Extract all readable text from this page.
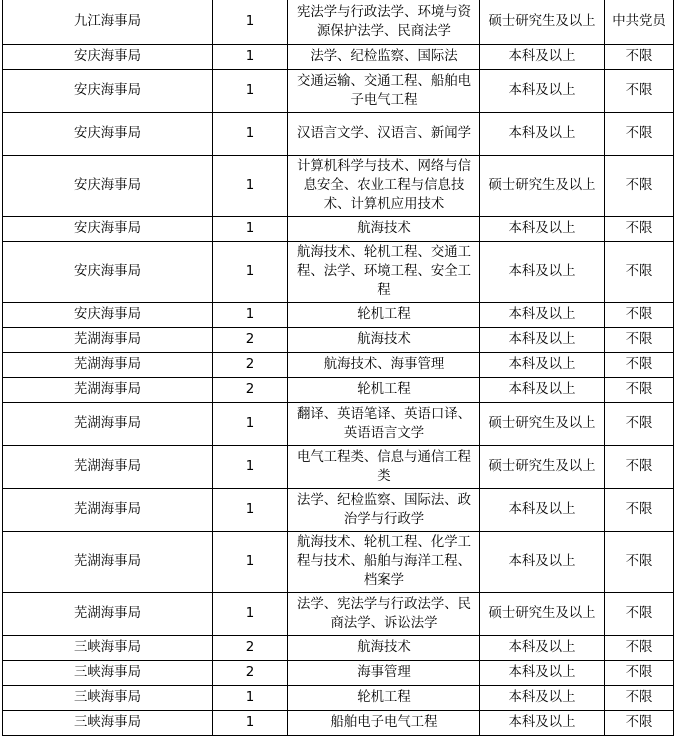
九江海事局	1	宪法学与行政法学、环境与资源保护法学、民商法学	硕士研究生及以上	中共党员
安庆海事局	1	法学、纪检监察、国际法	本科及以上	不限
安庆海事局	1	交通运输、交通工程、船舶电子电气工程	本科及以上	不限
安庆海事局	1	汉语言文学、汉语言、新闻学	本科及以上	不限
安庆海事局	1	计算机科学与技术、网络与信息安全、农业工程与信息技术、计算机应用技术	硕士研究生及以上	不限
安庆海事局	1	航海技术	本科及以上	不限
安庆海事局	1	航海技术、轮机工程、交通工程、法学、环境工程、安全工程	本科及以上	不限
安庆海事局	1	轮机工程	本科及以上	不限
芜湖海事局	2	航海技术	本科及以上	不限
芜湖海事局	2	航海技术、海事管理	本科及以上	不限
芜湖海事局	2	轮机工程	本科及以上	不限
芜湖海事局	1	翻译、英语笔译、英语口译、英语语言文学	硕士研究生及以上	不限
芜湖海事局	1	电气工程类、信息与通信工程类	硕士研究生及以上	不限
芜湖海事局	1	法学、纪检监察、国际法、政治学与行政学	本科及以上	不限
芜湖海事局	1	航海技术、轮机工程、化学工程与技术、船舶与海洋工程、档案学	本科及以上	不限
芜湖海事局	1	法学、宪法学与行政法学、民商法学、诉讼法学	硕士研究生及以上	不限
三峡海事局	2	航海技术	本科及以上	不限
三峡海事局	2	海事管理	本科及以上	不限
三峡海事局	1	轮机工程	本科及以上	不限
三峡海事局	1	船舶电子电气工程	本科及以上	不限
